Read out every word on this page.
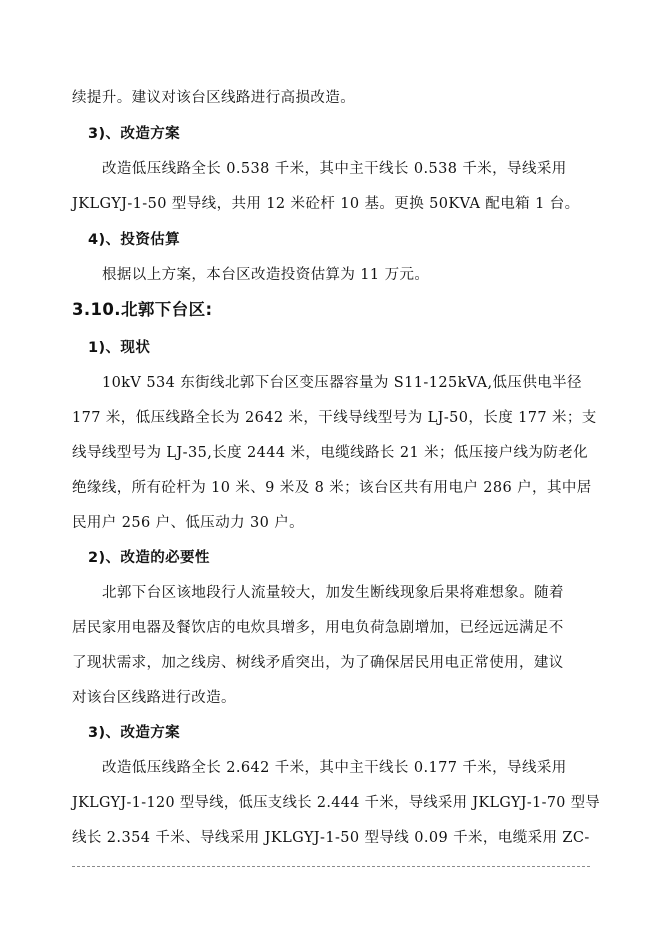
续提升。建议对该台区线路进行高损改造。
3)、改造方案
改造低压线路全长 0.538 千米，其中主干线长 0.538 千米，导线采用
JKLGYJ-1-50 型导线，共用 12 米砼杆 10 基。更换 50KVA 配电箱 1 台。
4)、投资估算
根据以上方案，本台区改造投资估算为 11 万元。
3.10.北郭下台区:
1)、现状
10kV 534 东街线北郭下台区变压器容量为 S11-125kVA,低压供电半径
177 米，低压线路全长为 2642 米，干线导线型号为 LJ-50，长度 177 米；支
线导线型号为 LJ-35,长度 2444 米，电缆线路长 21 米；低压接户线为防老化
绝缘线，所有砼杆为 10 米、9 米及 8 米；该台区共有用电户 286 户，其中居
民用户 256 户、低压动力 30 户。
2)、改造的必要性
北郭下台区该地段行人流量较大，加发生断线现象后果将难想象。随着
居民家用电器及餐饮店的电炊具增多，用电负荷急剧增加，已经远远满足不
了现状需求，加之线房、树线矛盾突出，为了确保居民用电正常使用，建议
对该台区线路进行改造。
3)、改造方案
改造低压线路全长 2.642 千米，其中主干线长 0.177 千米，导线采用
JKLGYJ-1-120 型导线，低压支线长 2.444 千米，导线采用 JKLGYJ-1-70 型导
线长 2.354 千米、导线采用 JKLGYJ-1-50 型导线 0.09 千米，电缆采用 ZC-
